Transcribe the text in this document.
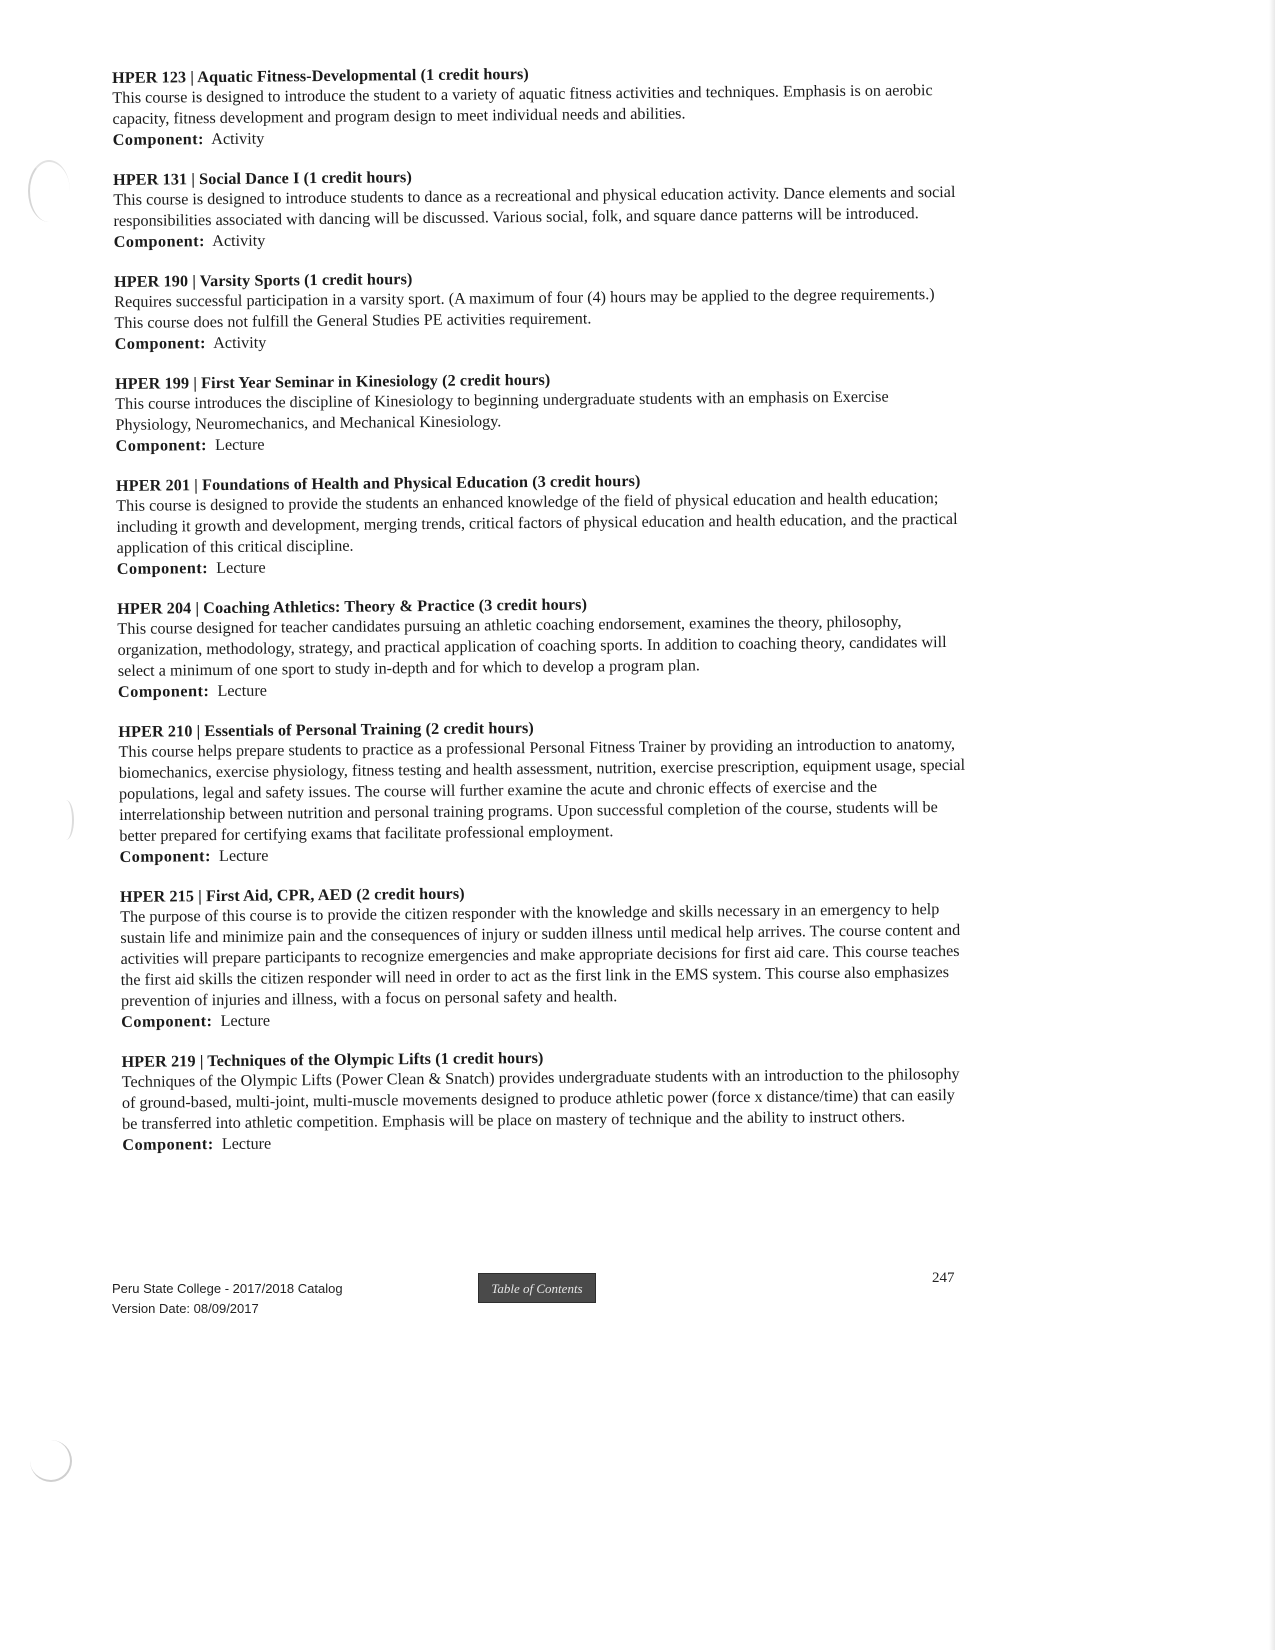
HPER 123 | Aquatic Fitness-Developmental (1 credit hours)

This course is designed to introduce the student to a variety of aquatic fitness activities and techniques. Emphasis is on aerobic capacity, fitness development and program design to meet individual needs and abilities.

Component: Activity
HPER 131 | Social Dance I (1 credit hours)

This course is designed to introduce students to dance as a recreational and physical education activity. Dance elements and social responsibilities associated with dancing will be discussed. Various social, folk, and square dance patterns will be introduced.

Component: Activity
HPER 190 | Varsity Sports (1 credit hours)

Requires successful participation in a varsity sport. (A maximum of four (4) hours may be applied to the degree requirements.) This course does not fulfill the General Studies PE activities requirement.

Component: Activity
HPER 199 | First Year Seminar in Kinesiology (2 credit hours)

This course introduces the discipline of Kinesiology to beginning undergraduate students with an emphasis on Exercise Physiology, Neuromechanics, and Mechanical Kinesiology.

Component: Lecture
HPER 201 | Foundations of Health and Physical Education (3 credit hours)

This course is designed to provide the students an enhanced knowledge of the field of physical education and health education; including it growth and development, merging trends, critical factors of physical education and health education, and the practical application of this critical discipline.

Component: Lecture
HPER 204 | Coaching Athletics: Theory & Practice (3 credit hours)

This course designed for teacher candidates pursuing an athletic coaching endorsement, examines the theory, philosophy, organization, methodology, strategy, and practical application of coaching sports. In addition to coaching theory, candidates will select a minimum of one sport to study in-depth and for which to develop a program plan.

Component: Lecture
HPER 210 | Essentials of Personal Training (2 credit hours)

This course helps prepare students to practice as a professional Personal Fitness Trainer by providing an introduction to anatomy, biomechanics, exercise physiology, fitness testing and health assessment, nutrition, exercise prescription, equipment usage, special populations, legal and safety issues. The course will further examine the acute and chronic effects of exercise and the interrelationship between nutrition and personal training programs. Upon successful completion of the course, students will be better prepared for certifying exams that facilitate professional employment.

Component: Lecture
HPER 215 | First Aid, CPR, AED (2 credit hours)

The purpose of this course is to provide the citizen responder with the knowledge and skills necessary in an emergency to help sustain life and minimize pain and the consequences of injury or sudden illness until medical help arrives. The course content and activities will prepare participants to recognize emergencies and make appropriate decisions for first aid care. This course teaches the first aid skills the citizen responder will need in order to act as the first link in the EMS system. This course also emphasizes prevention of injuries and illness, with a focus on personal safety and health.

Component: Lecture
HPER 219 | Techniques of the Olympic Lifts (1 credit hours)

Techniques of the Olympic Lifts (Power Clean & Snatch) provides undergraduate students with an introduction to the philosophy of ground-based, multi-joint, multi-muscle movements designed to produce athletic power (force x distance/time) that can easily be transferred into athletic competition. Emphasis will be place on mastery of technique and the ability to instruct others.

Component: Lecture
Peru State College - 2017/2018 Catalog
Version Date: 08/09/2017
Table of Contents
247
